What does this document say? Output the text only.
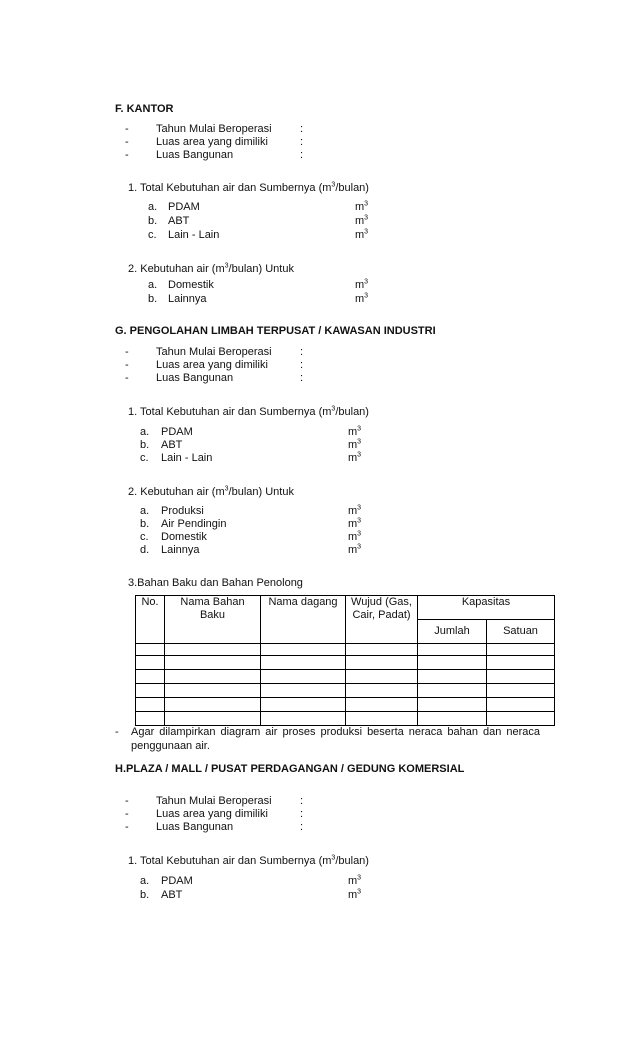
F. KANTOR
- Tahun Mulai Beroperasi	:
- Luas area yang dimiliki	:
- Luas Bangunan	:
1. Total Kebutuhan air dan Sumbernya $(m^3/bulan)$
a. PDAM	$m^3$
b. ABT	$m^3$
c. Lain - Lain	$m^3$
2. Kebutuhan air $(m^3/bulan)$ Untuk
a. Domestik	$m^3$
b. Lainnya	$m^3$
G. PENGOLAHAN LIMBAH TERPUSAT / KAWASAN INDUSTRI
- Tahun Mulai Beroperasi	:
- Luas area yang dimiliki	:
- Luas Bangunan	:
1. Total Kebutuhan air dan Sumbernya $(m^3/bulan)$
a. PDAM	$m^3$
b. ABT	$m^3$
c. Lain - Lain	$m^3$
2. Kebutuhan air $(m^3/bulan)$ Untuk
a. Produksi	$m^3$
b. Air Pendingin	$m^3$
c. Domestik	$m^3$
d. Lainnya	$m^3$
3.Bahan Baku dan Bahan Penolong
No.	Nama Bahan Baku	Nama dagang	Wujud (Gas, Cair, Padat)	Kapasitas	
				Jumlah	Satuan

- Agar dilampirkan diagram air proses produksi beserta neraca bahan dan neraca penggunaan air.
H.PLAZA / MALL / PUSAT PERDAGANGAN / GEDUNG KOMERSIAL
- Tahun Mulai Beroperasi	:
- Luas area yang dimiliki	:
- Luas Bangunan	:
1. Total Kebutuhan air dan Sumbernya $(m^3/bulan)$
a. PDAM	$m^3$
b. ABT	$m^3$
